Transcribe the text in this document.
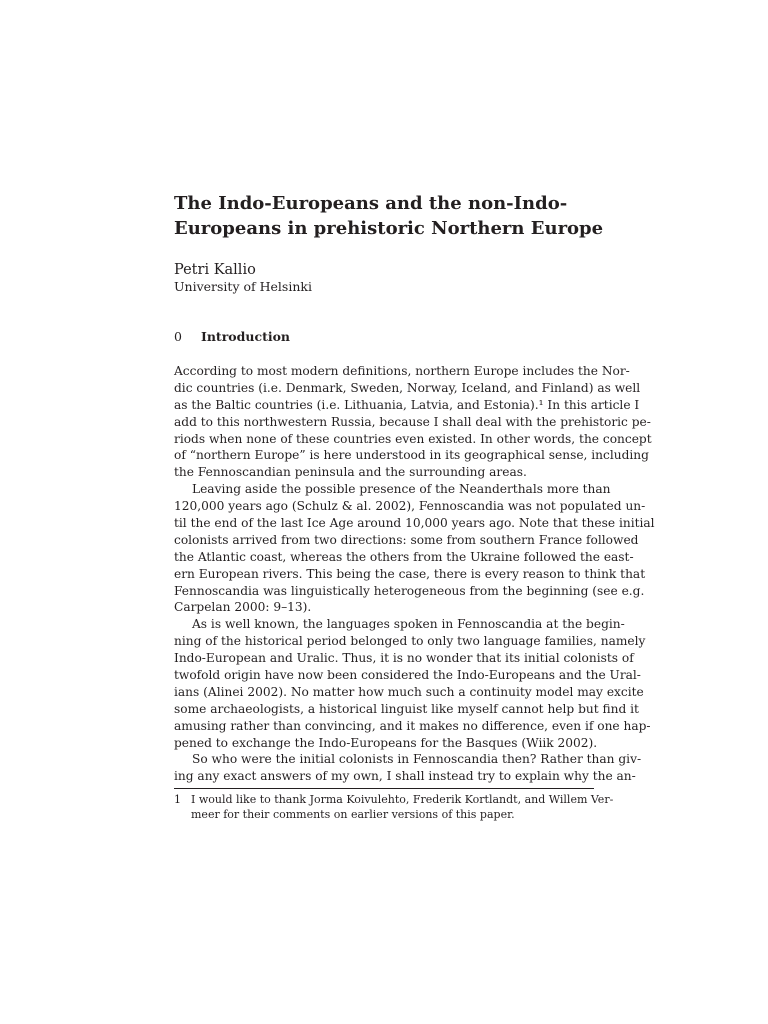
The Indo-Europeans and the non-Indo-
Europeans in prehistoric Northern Europe

Petri Kallio

University of Helsinki

0 Introduction
According to most modern definitions, northern Europe includes the Nor-
dic countries (i.e. Denmark, Sweden, Norway, Iceland, and Finland) as well
as the Baltic countries (i.e. Lithuania, Latvia, and Estonia).¹ In this article I
add to this northwestern Russia, because I shall deal with the prehistoric pe-
riods when none of these countries even existed. In other words, the concept
of “northern Europe” is here understood in its geographical sense, including
the Fennoscandian peninsula and the surrounding areas.
Leaving aside the possible presence of the Neanderthals more than
120,000 years ago (Schulz & al. 2002), Fennoscandia was not populated un-
til the end of the last Ice Age around 10,000 years ago. Note that these initial
colonists arrived from two directions: some from southern France followed
the Atlantic coast, whereas the others from the Ukraine followed the east-
ern European rivers. This being the case, there is every reason to think that
Fennoscandia was linguistically heterogeneous from the beginning (see e.g.
Carpelan 2000: 9–13).
As is well known, the languages spoken in Fennoscandia at the begin-
ning of the historical period belonged to only two language families, namely
Indo-European and Uralic. Thus, it is no wonder that its initial colonists of
twofold origin have now been considered the Indo-Europeans and the Ural-
ians (Alinei 2002). No matter how much such a continuity model may excite
some archaeologists, a historical linguist like myself cannot help but find it
amusing rather than convincing, and it makes no difference, even if one hap-
pened to exchange the Indo-Europeans for the Basques (Wiik 2002).
So who were the initial colonists in Fennoscandia then? Rather than giv-
ing any exact answers of my own, I shall instead try to explain why the an-
1 I would like to thank Jorma Koivulehto, Frederik Kortlandt, and Willem Ver-
meer for their comments on earlier versions of this paper.
